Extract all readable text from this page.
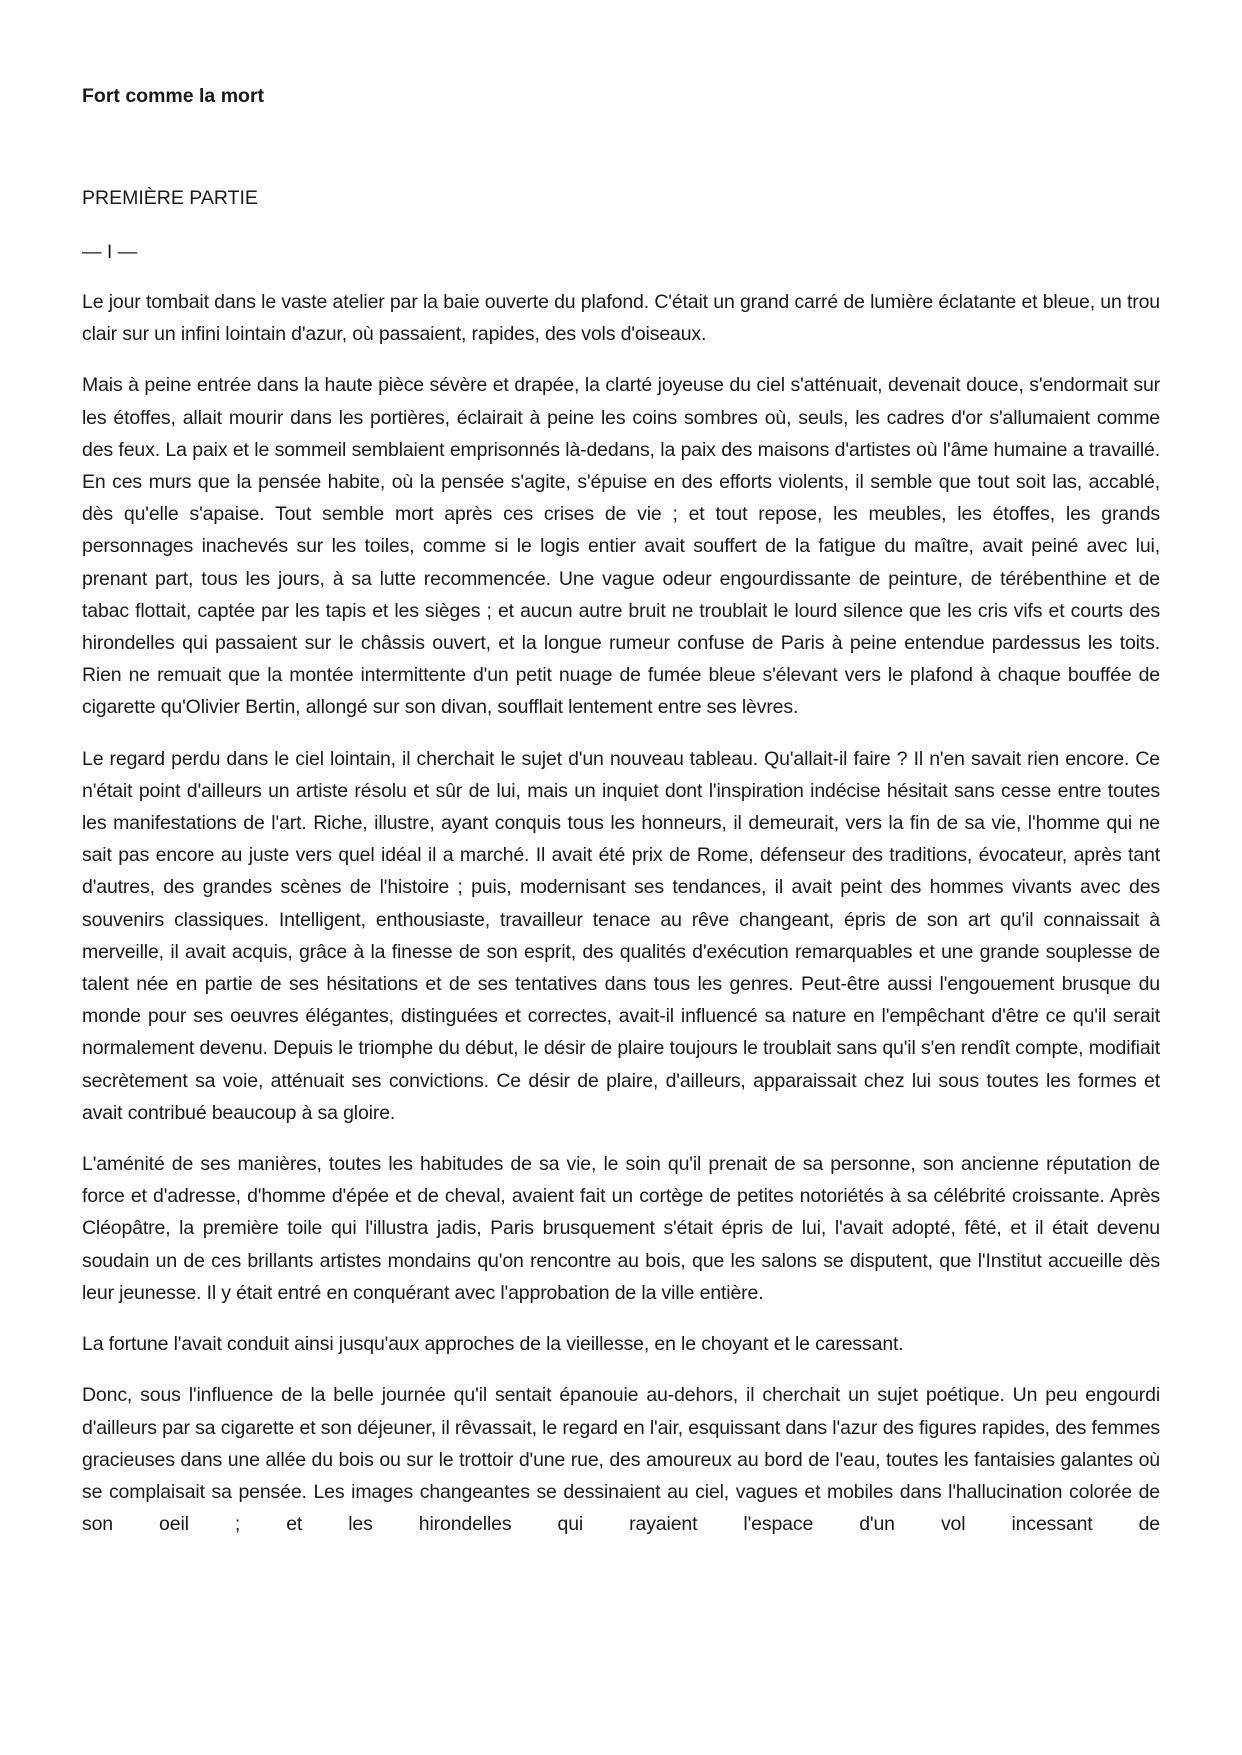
Fort comme la mort

PREMIÈRE PARTIE

— I —

Le jour tombait dans le vaste atelier par la baie ouverte du plafond. C'était un grand carré de lumière éclatante et bleue, un trou clair sur un infini lointain d'azur, où passaient, rapides, des vols d'oiseaux.

Mais à peine entrée dans la haute pièce sévère et drapée, la clarté joyeuse du ciel s'atténuait, devenait douce, s'endormait sur les étoffes, allait mourir dans les portières, éclairait à peine les coins sombres où, seuls, les cadres d'or s'allumaient comme des feux. La paix et le sommeil semblaient emprisonnés là-dedans, la paix des maisons d'artistes où l'âme humaine a travaillé. En ces murs que la pensée habite, où la pensée s'agite, s'épuise en des efforts violents, il semble que tout soit las, accablé, dès qu'elle s'apaise. Tout semble mort après ces crises de vie ; et tout repose, les meubles, les étoffes, les grands personnages inachevés sur les toiles, comme si le logis entier avait souffert de la fatigue du maître, avait peiné avec lui, prenant part, tous les jours, à sa lutte recommencée. Une vague odeur engourdissante de peinture, de térébenthine et de tabac flottait, captée par les tapis et les sièges ; et aucun autre bruit ne troublait le lourd silence que les cris vifs et courts des hirondelles qui passaient sur le châssis ouvert, et la longue rumeur confuse de Paris à peine entendue pardessus les toits. Rien ne remuait que la montée intermittente d'un petit nuage de fumée bleue s'élevant vers le plafond à chaque bouffée de cigarette qu'Olivier Bertin, allongé sur son divan, soufflait lentement entre ses lèvres.

Le regard perdu dans le ciel lointain, il cherchait le sujet d'un nouveau tableau. Qu'allait-il faire ? Il n'en savait rien encore. Ce n'était point d'ailleurs un artiste résolu et sûr de lui, mais un inquiet dont l'inspiration indécise hésitait sans cesse entre toutes les manifestations de l'art. Riche, illustre, ayant conquis tous les honneurs, il demeurait, vers la fin de sa vie, l'homme qui ne sait pas encore au juste vers quel idéal il a marché. Il avait été prix de Rome, défenseur des traditions, évocateur, après tant d'autres, des grandes scènes de l'histoire ; puis, modernisant ses tendances, il avait peint des hommes vivants avec des souvenirs classiques. Intelligent, enthousiaste, travailleur tenace au rêve changeant, épris de son art qu'il connaissait à merveille, il avait acquis, grâce à la finesse de son esprit, des qualités d'exécution remarquables et une grande souplesse de talent née en partie de ses hésitations et de ses tentatives dans tous les genres. Peut-être aussi l'engouement brusque du monde pour ses oeuvres élégantes, distinguées et correctes, avait-il influencé sa nature en l'empêchant d'être ce qu'il serait normalement devenu. Depuis le triomphe du début, le désir de plaire toujours le troublait sans qu'il s'en rendît compte, modifiait secrètement sa voie, atténuait ses convictions. Ce désir de plaire, d'ailleurs, apparaissait chez lui sous toutes les formes et avait contribué beaucoup à sa gloire.

L'aménité de ses manières, toutes les habitudes de sa vie, le soin qu'il prenait de sa personne, son ancienne réputation de force et d'adresse, d'homme d'épée et de cheval, avaient fait un cortège de petites notoriétés à sa célébrité croissante. Après Cléopâtre, la première toile qui l'illustra jadis, Paris brusquement s'était épris de lui, l'avait adopté, fêté, et il était devenu soudain un de ces brillants artistes mondains qu'on rencontre au bois, que les salons se disputent, que l'Institut accueille dès leur jeunesse. Il y était entré en conquérant avec l'approbation de la ville entière.

La fortune l'avait conduit ainsi jusqu'aux approches de la vieillesse, en le choyant et le caressant.

Donc, sous l'influence de la belle journée qu'il sentait épanouie au-dehors, il cherchait un sujet poétique. Un peu engourdi d'ailleurs par sa cigarette et son déjeuner, il rêvassait, le regard en l'air, esquissant dans l'azur des figures rapides, des femmes gracieuses dans une allée du bois ou sur le trottoir d'une rue, des amoureux au bord de l'eau, toutes les fantaisies galantes où se complaisait sa pensée. Les images changeantes se dessinaient au ciel, vagues et mobiles dans l'hallucination colorée de son oeil ; et les hirondelles qui rayaient l'espace d'un vol incessant de
